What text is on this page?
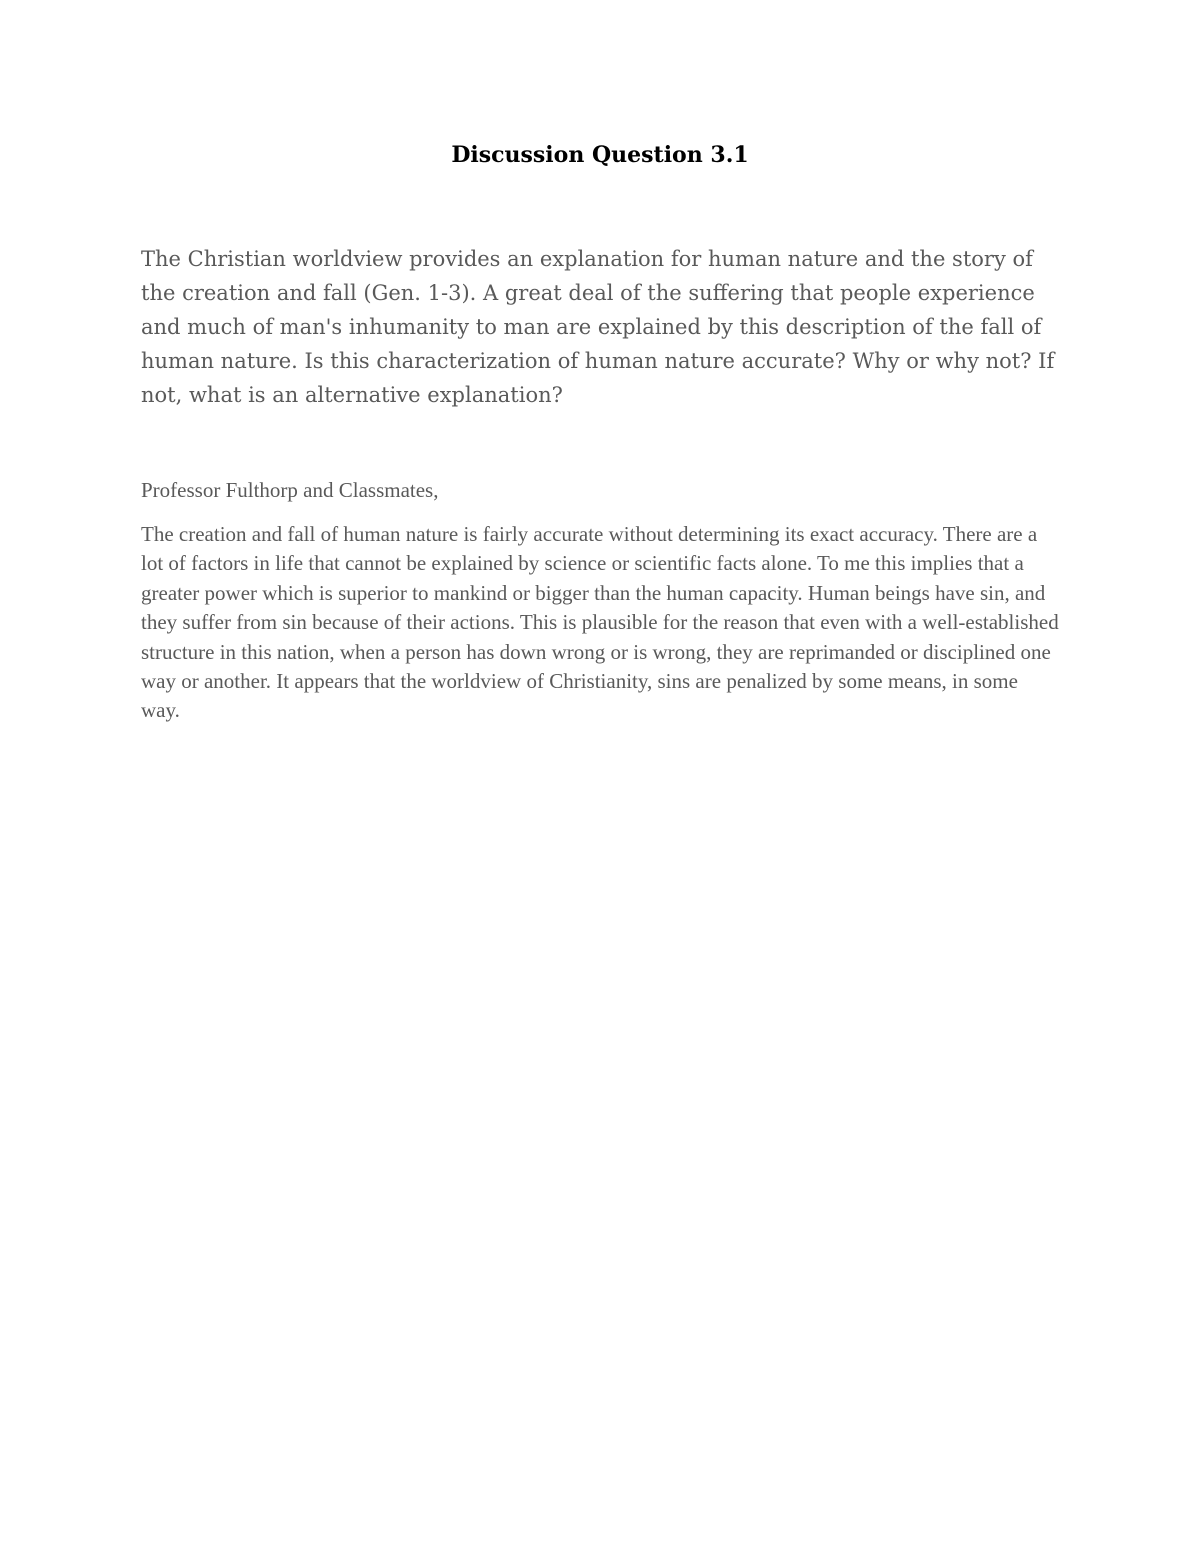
Discussion Question 3.1

The Christian worldview provides an explanation for human nature and the story of the creation and fall (Gen. 1-3). A great deal of the suffering that people experience and much of man's inhumanity to man are explained by this description of the fall of human nature. Is this characterization of human nature accurate? Why or why not? If not, what is an alternative explanation?

Professor Fulthorp and Classmates,

The creation and fall of human nature is fairly accurate without determining its exact accuracy. There are a lot of factors in life that cannot be explained by science or scientific facts alone. To me this implies that a greater power which is superior to mankind or bigger than the human capacity. Human beings have sin, and they suffer from sin because of their actions. This is plausible for the reason that even with a well-established structure in this nation, when a person has down wrong or is wrong, they are reprimanded or disciplined one way or another. It appears that the worldview of Christianity, sins are penalized by some means, in some way.
